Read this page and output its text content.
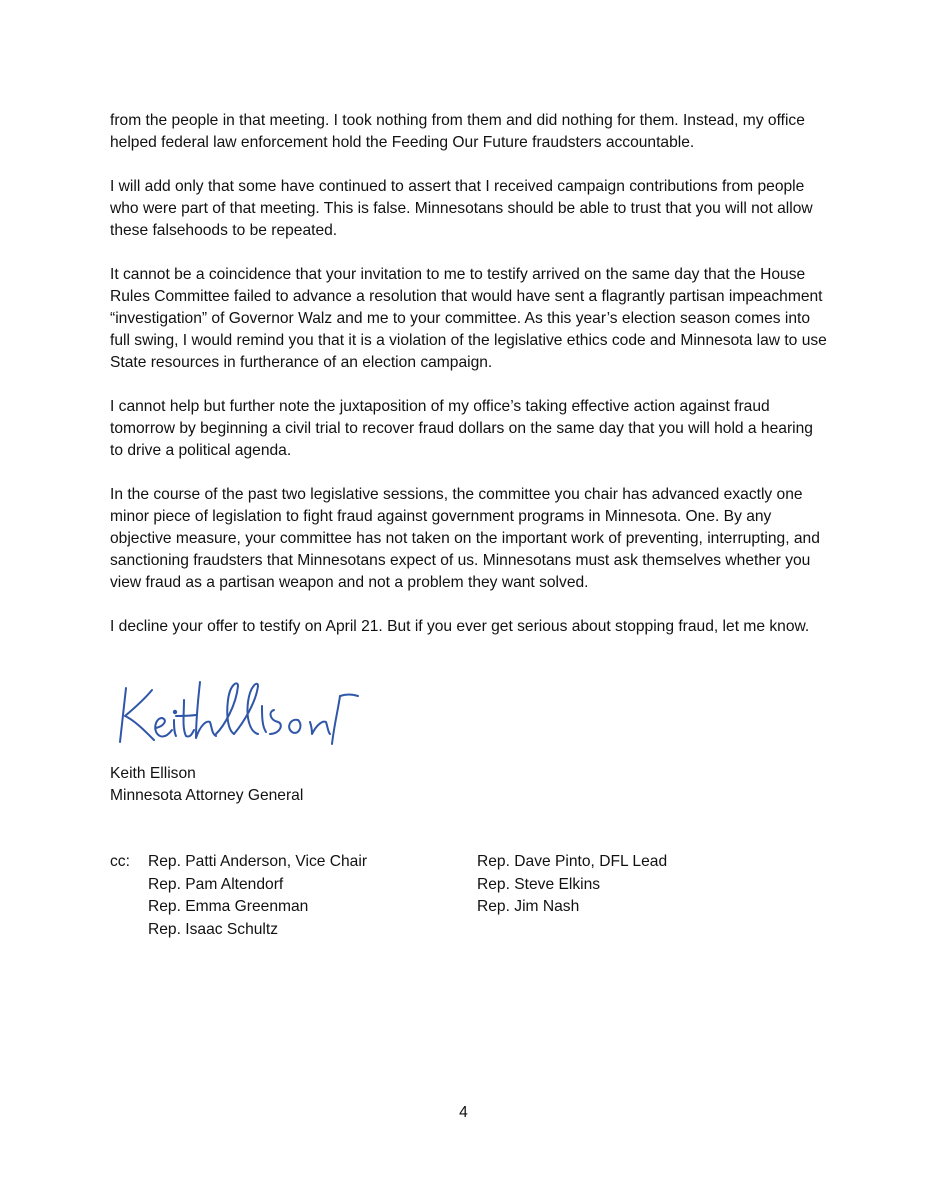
from the people in that meeting. I took nothing from them and did nothing for them. Instead, my office helped federal law enforcement hold the Feeding Our Future fraudsters accountable.

I will add only that some have continued to assert that I received campaign contributions from people who were part of that meeting. This is false. Minnesotans should be able to trust that you will not allow these falsehoods to be repeated.

It cannot be a coincidence that your invitation to me to testify arrived on the same day that the House Rules Committee failed to advance a resolution that would have sent a flagrantly partisan impeachment “investigation” of Governor Walz and me to your committee. As this year’s election season comes into full swing, I would remind you that it is a violation of the legislative ethics code and Minnesota law to use State resources in furtherance of an election campaign.

I cannot help but further note the juxtaposition of my office’s taking effective action against fraud tomorrow by beginning a civil trial to recover fraud dollars on the same day that you will hold a hearing to drive a political agenda.

In the course of the past two legislative sessions, the committee you chair has advanced exactly one minor piece of legislation to fight fraud against government programs in Minnesota. One. By any objective measure, your committee has not taken on the important work of preventing, interrupting, and sanctioning fraudsters that Minnesotans expect of us. Minnesotans must ask themselves whether you view fraud as a partisan weapon and not a problem they want solved.

I decline your offer to testify on April 21. But if you ever get serious about stopping fraud, let me know.

Keith Ellison
Minnesota Attorney General
cc: Rep. Patti Anderson, Vice Chair
Rep. Pam Altendorf
Rep. Emma Greenman
Rep. Isaac Schultz
Rep. Dave Pinto, DFL Lead
Rep. Steve Elkins
Rep. Jim Nash
4
